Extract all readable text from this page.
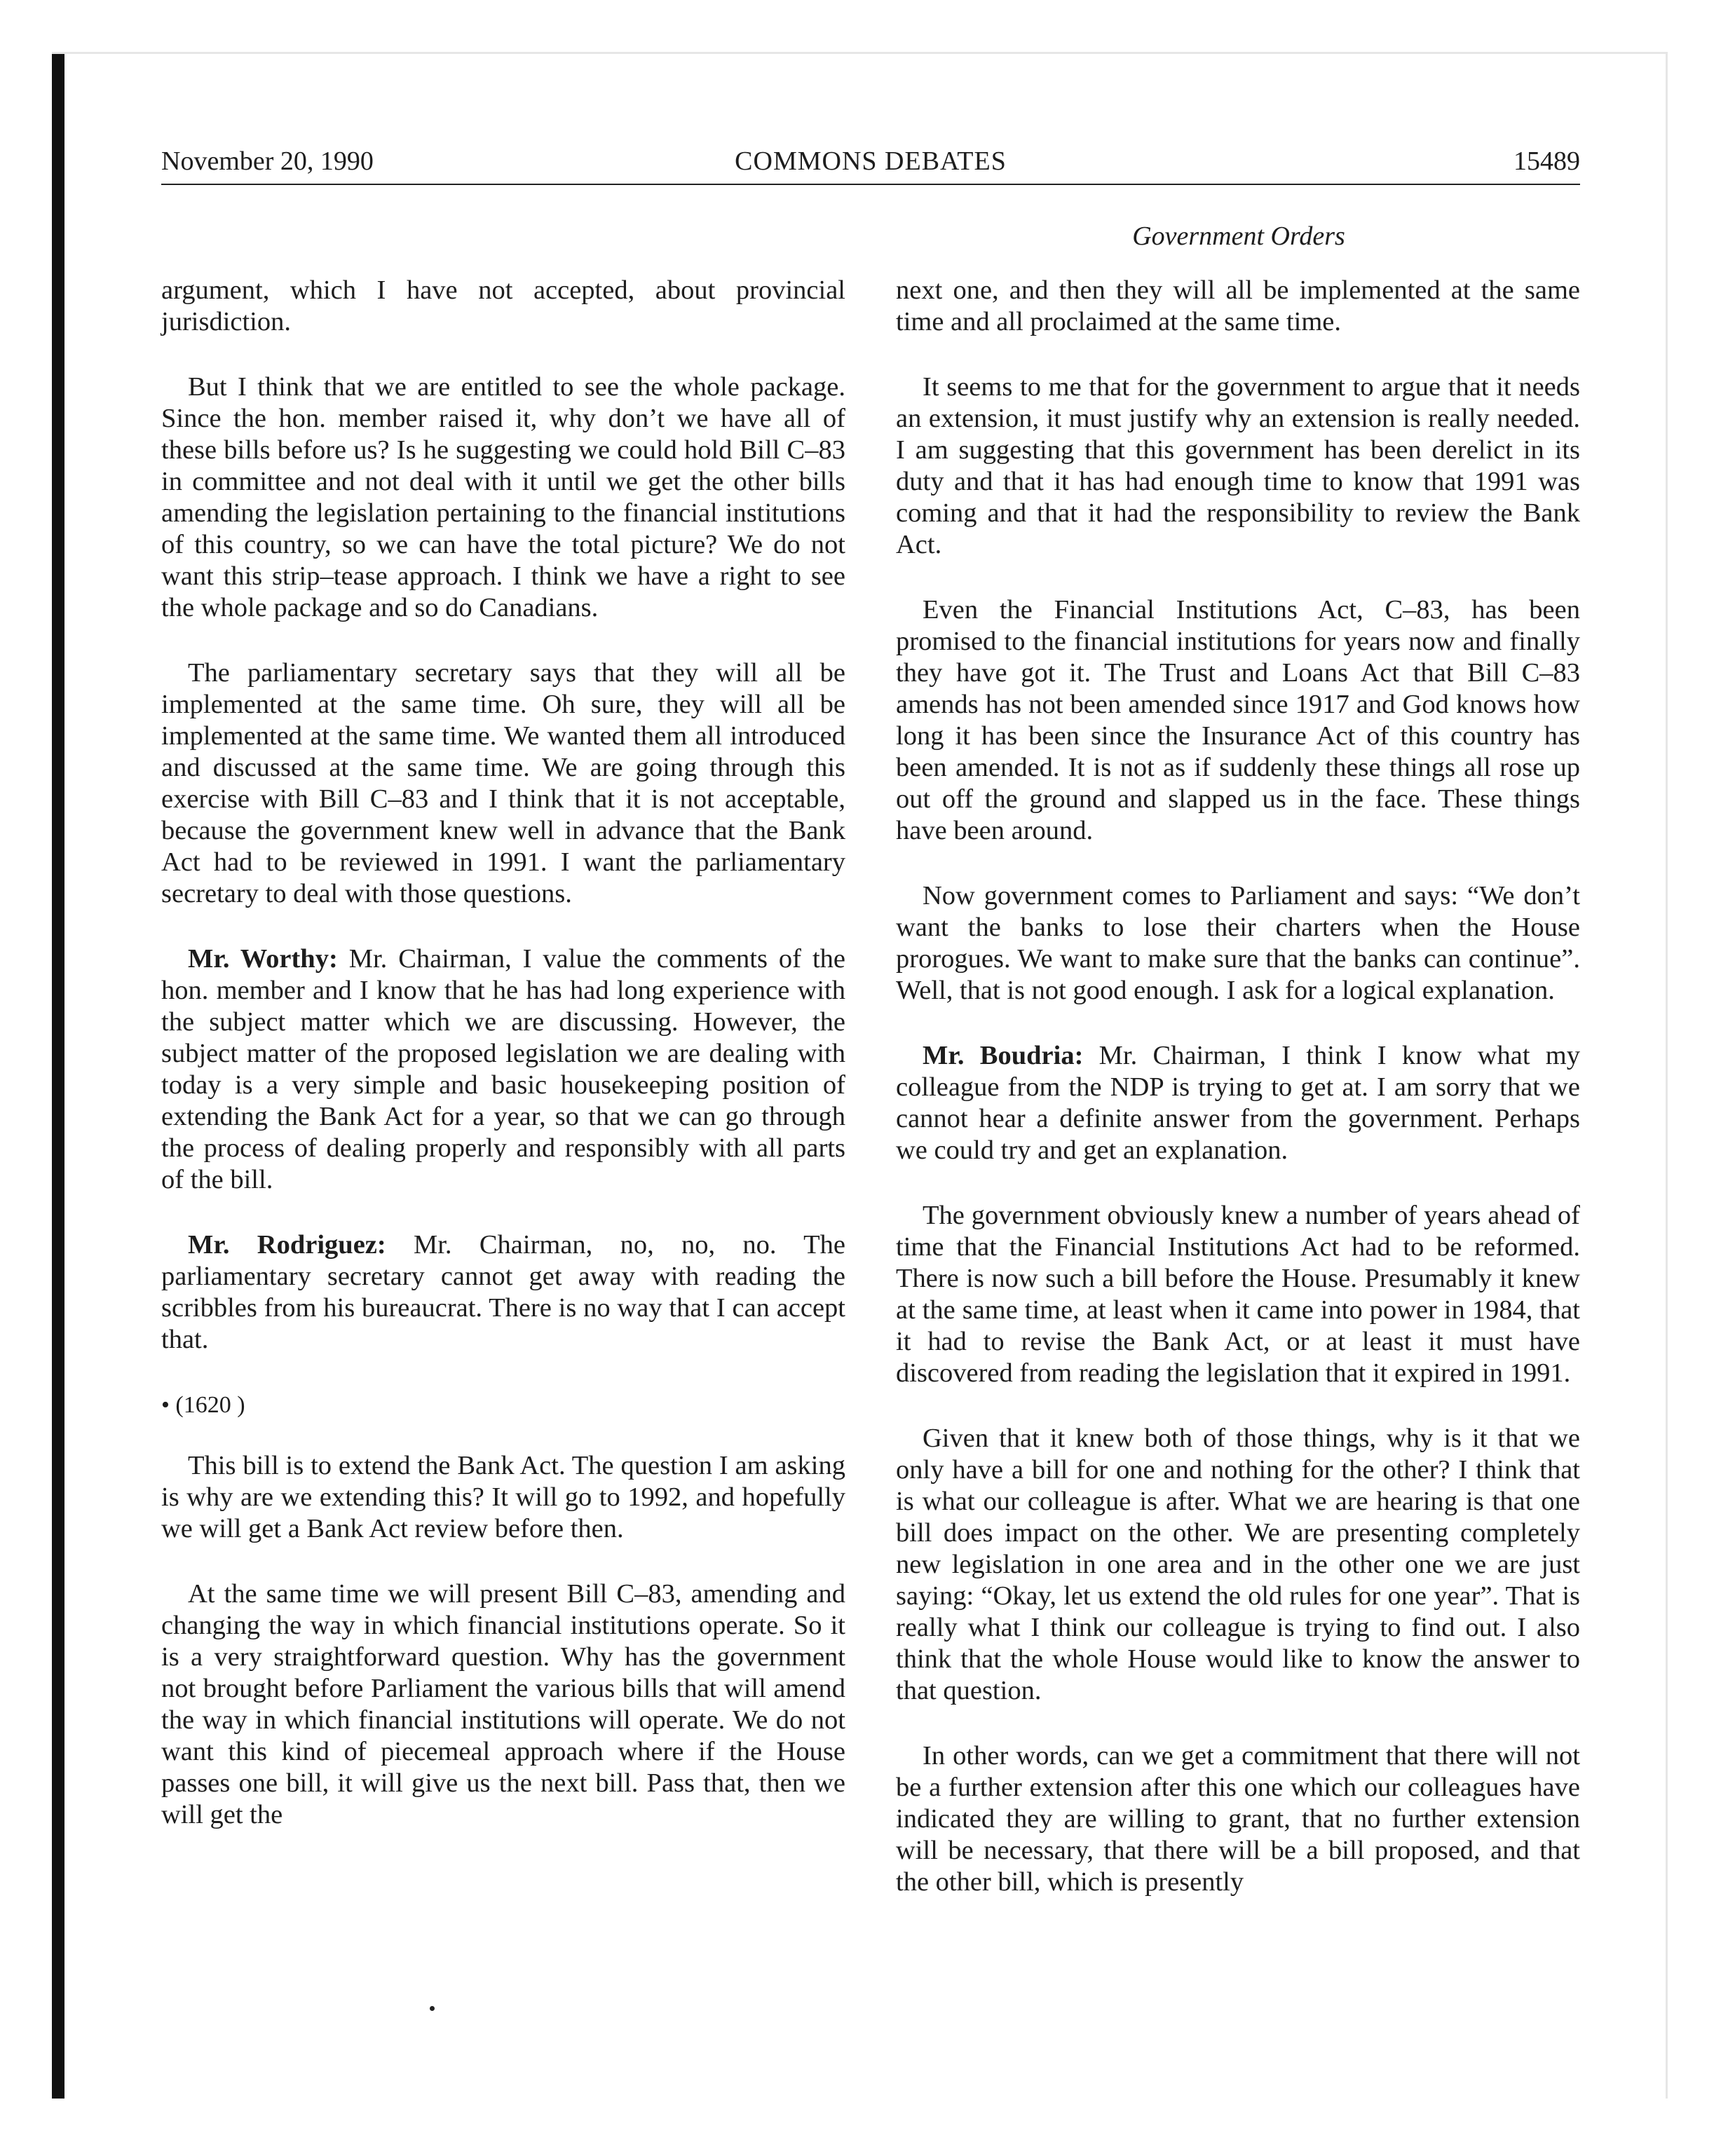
November 20, 1990	COMMONS DEBATES	15489
Government Orders

argument, which I have not accepted, about provincial jurisdiction.

But I think that we are entitled to see the whole package. Since the hon. member raised it, why don’t we have all of these bills before us? Is he suggesting we could hold Bill C–83 in committee and not deal with it until we get the other bills amending the legislation pertaining to the financial institutions of this country, so we can have the total picture? We do not want this strip–tease approach. I think we have a right to see the whole package and so do Canadians.

The parliamentary secretary says that they will all be implemented at the same time. Oh sure, they will all be implemented at the same time. We wanted them all introduced and discussed at the same time. We are going through this exercise with Bill C–83 and I think that it is not acceptable, because the government knew well in advance that the Bank Act had to be reviewed in 1991. I want the parliamentary secretary to deal with those questions.

Mr. Worthy: Mr. Chairman, I value the comments of the hon. member and I know that he has had long experience with the subject matter which we are discussing. However, the subject matter of the proposed legislation we are dealing with today is a very simple and basic housekeeping position of extending the Bank Act for a year, so that we can go through the process of dealing properly and responsibly with all parts of the bill.

Mr. Rodriguez: Mr. Chairman, no, no, no. The parliamentary secretary cannot get away with reading the scribbles from his bureaucrat. There is no way that I can accept that.

• (1620 )

This bill is to extend the Bank Act. The question I am asking is why are we extending this? It will go to 1992, and hopefully we will get a Bank Act review before then.

At the same time we will present Bill C–83, amending and changing the way in which financial institutions operate. So it is a very straightforward question. Why has the government not brought before Parliament the various bills that will amend the way in which financial institutions will operate. We do not want this kind of piecemeal approach where if the House passes one bill, it will give us the next bill. Pass that, then we will get the

next one, and then they will all be implemented at the same time and all proclaimed at the same time.

It seems to me that for the government to argue that it needs an extension, it must justify why an extension is really needed. I am suggesting that this government has been derelict in its duty and that it has had enough time to know that 1991 was coming and that it had the responsibility to review the Bank Act.

Even the Financial Institutions Act, C–83, has been promised to the financial institutions for years now and finally they have got it. The Trust and Loans Act that Bill C–83 amends has not been amended since 1917 and God knows how long it has been since the Insurance Act of this country has been amended. It is not as if suddenly these things all rose up out off the ground and slapped us in the face. These things have been around.

Now government comes to Parliament and says: “We don’t want the banks to lose their charters when the House prorogues. We want to make sure that the banks can continue”. Well, that is not good enough. I ask for a logical explanation.

Mr. Boudria: Mr. Chairman, I think I know what my colleague from the NDP is trying to get at. I am sorry that we cannot hear a definite answer from the government. Perhaps we could try and get an explanation.

The government obviously knew a number of years ahead of time that the Financial Institutions Act had to be reformed. There is now such a bill before the House. Presumably it knew at the same time, at least when it came into power in 1984, that it had to revise the Bank Act, or at least it must have discovered from reading the legislation that it expired in 1991.

Given that it knew both of those things, why is it that we only have a bill for one and nothing for the other? I think that is what our colleague is after. What we are hearing is that one bill does impact on the other. We are presenting completely new legislation in one area and in the other one we are just saying: “Okay, let us extend the old rules for one year”. That is really what I think our colleague is trying to find out. I also think that the whole House would like to know the answer to that question.

In other words, can we get a commitment that there will not be a further extension after this one which our colleagues have indicated they are willing to grant, that no further extension will be necessary, that there will be a bill proposed, and that the other bill, which is presently
